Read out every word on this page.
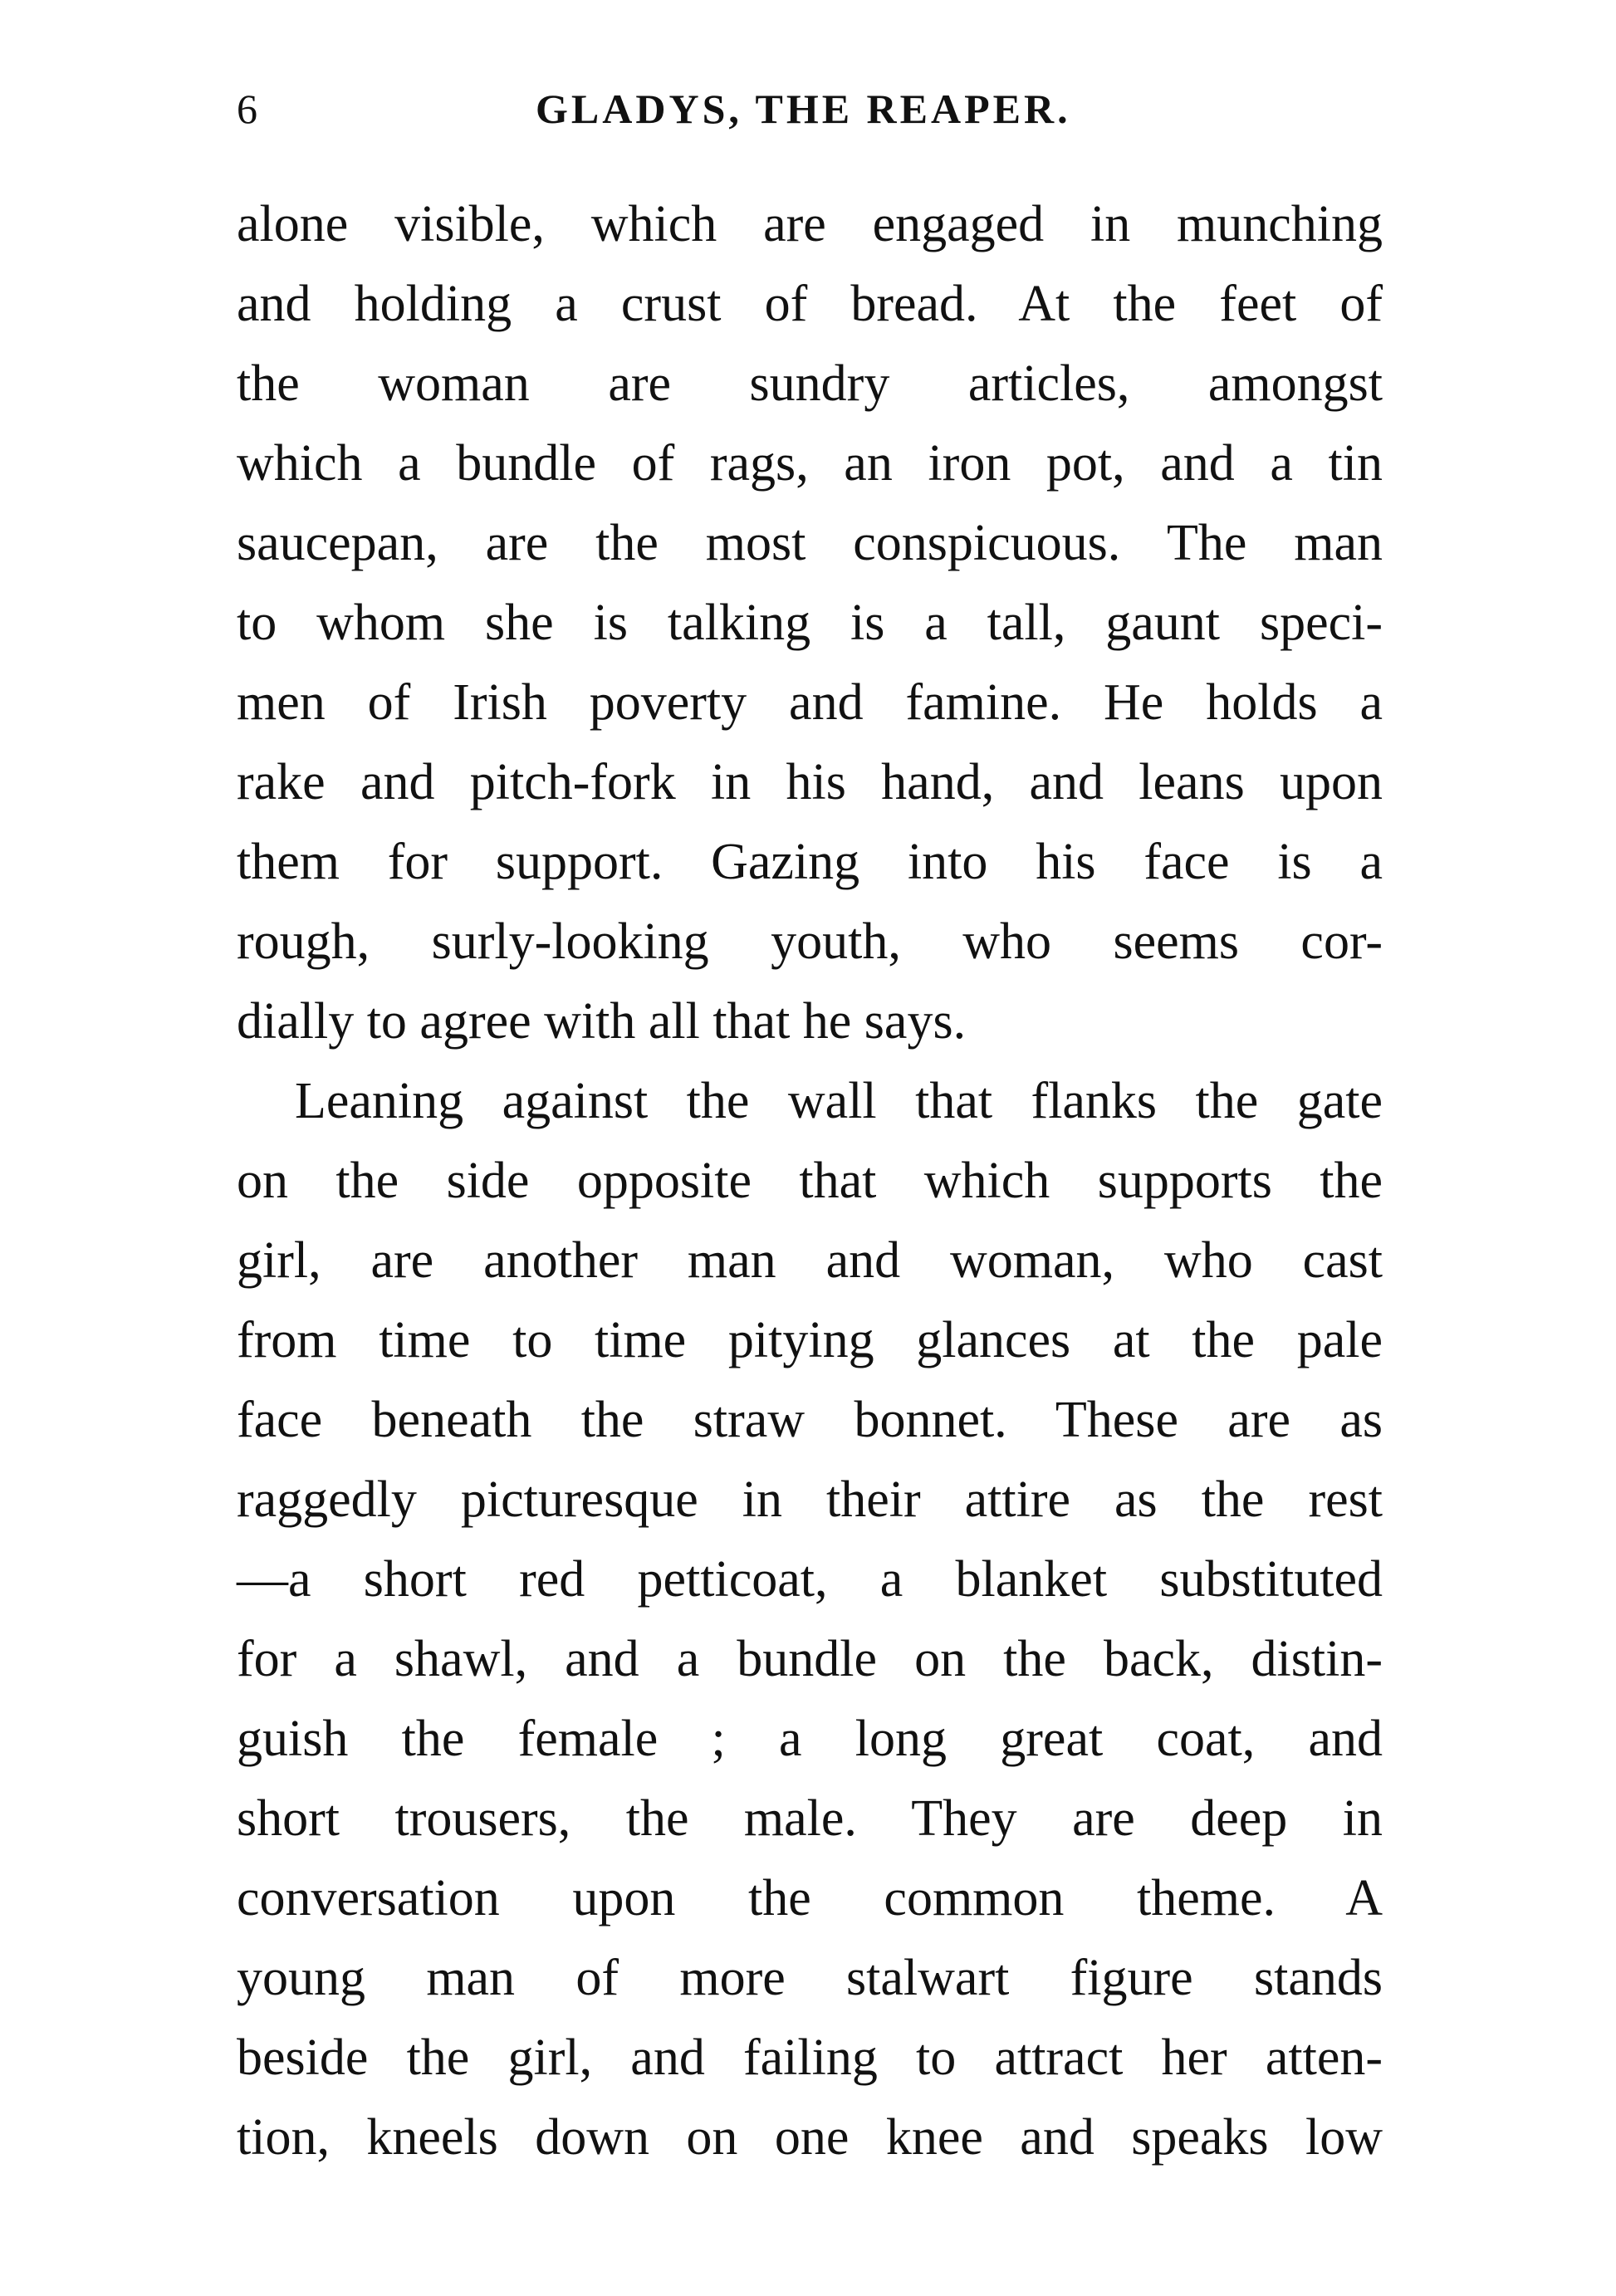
6	GLADYS, THE REAPER.
alone visible, which are engaged in munching
and holding a crust of bread. At the feet of
the woman are sundry articles, amongst
which a bundle of rags, an iron pot, and a tin
saucepan, are the most conspicuous. The man
to whom she is talking is a tall, gaunt speci-
men of Irish poverty and famine. He holds a
rake and pitch-fork in his hand, and leans upon
them for support. Gazing into his face is a
rough, surly-looking youth, who seems cor-
dially to agree with all that he says.
Leaning against the wall that flanks the gate
on the side opposite that which supports the
girl, are another man and woman, who cast
from time to time pitying glances at the pale
face beneath the straw bonnet. These are as
raggedly picturesque in their attire as the rest
—a short red petticoat, a blanket substituted
for a shawl, and a bundle on the back, distin-
guish the female ; a long great coat, and
short trousers, the male. They are deep in
conversation upon the common theme. A
young man of more stalwart figure stands
beside the girl, and failing to attract her atten-
tion, kneels down on one knee and speaks low
